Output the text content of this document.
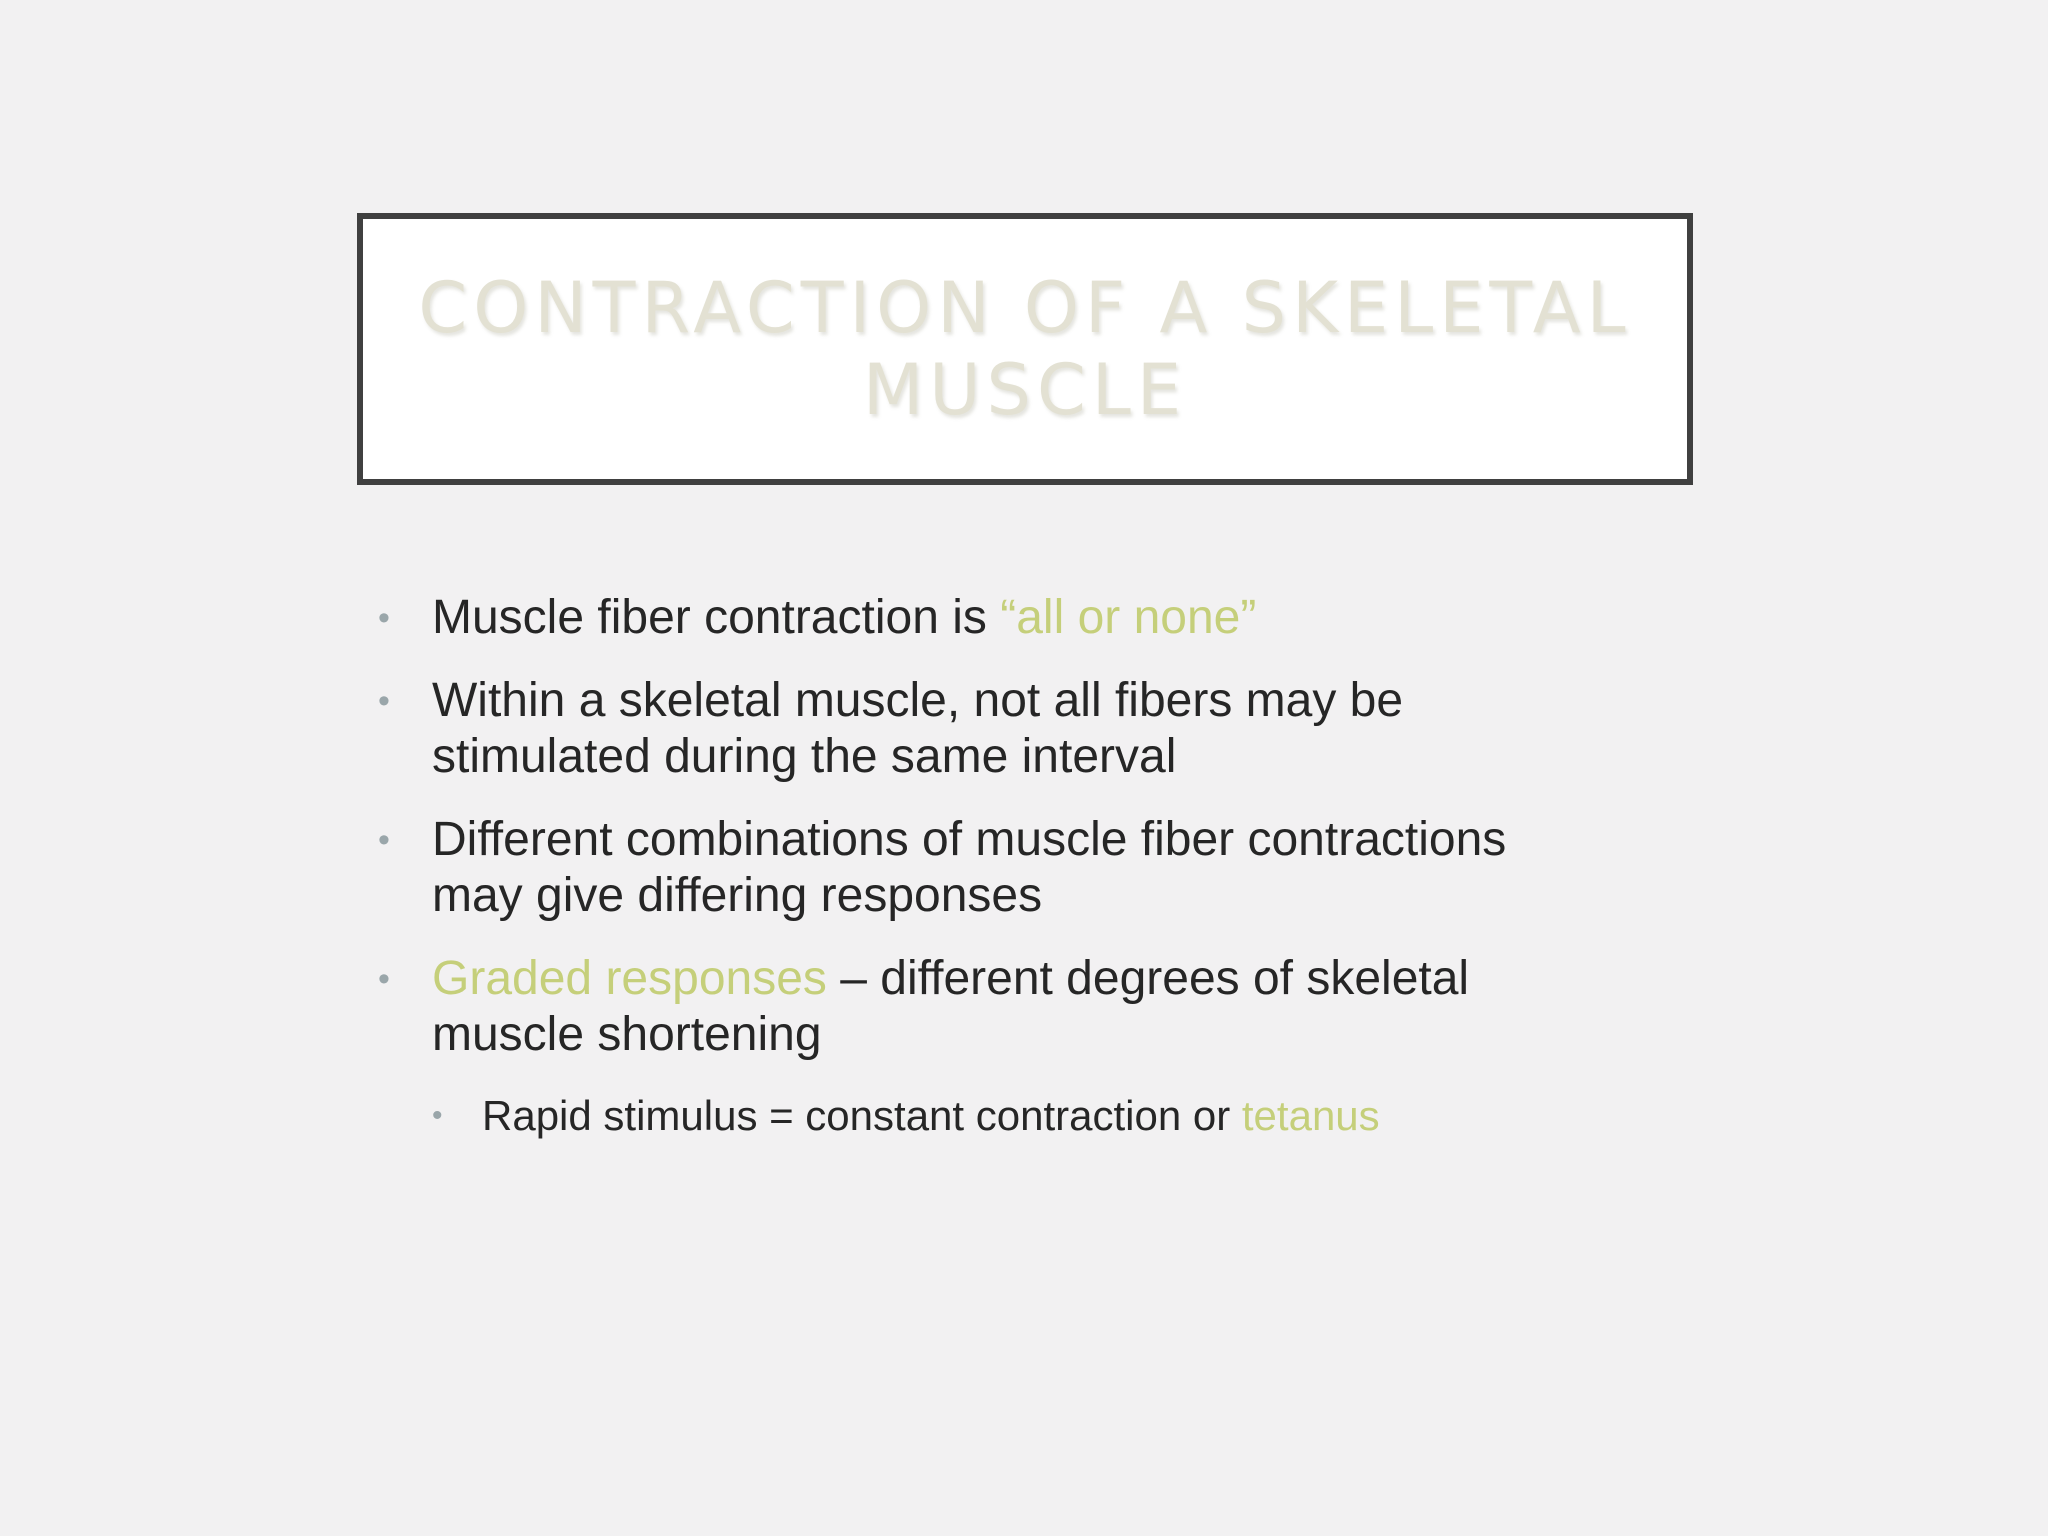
CONTRACTION OF A SKELETAL
MUSCLE
• Muscle fiber contraction is “all or none”
• Within a skeletal muscle, not all fibers may be
stimulated during the same interval
• Different combinations of muscle fiber contractions
may give differing responses
• Graded responses – different degrees of skeletal
muscle shortening
• Rapid stimulus = constant contraction or tetanus
